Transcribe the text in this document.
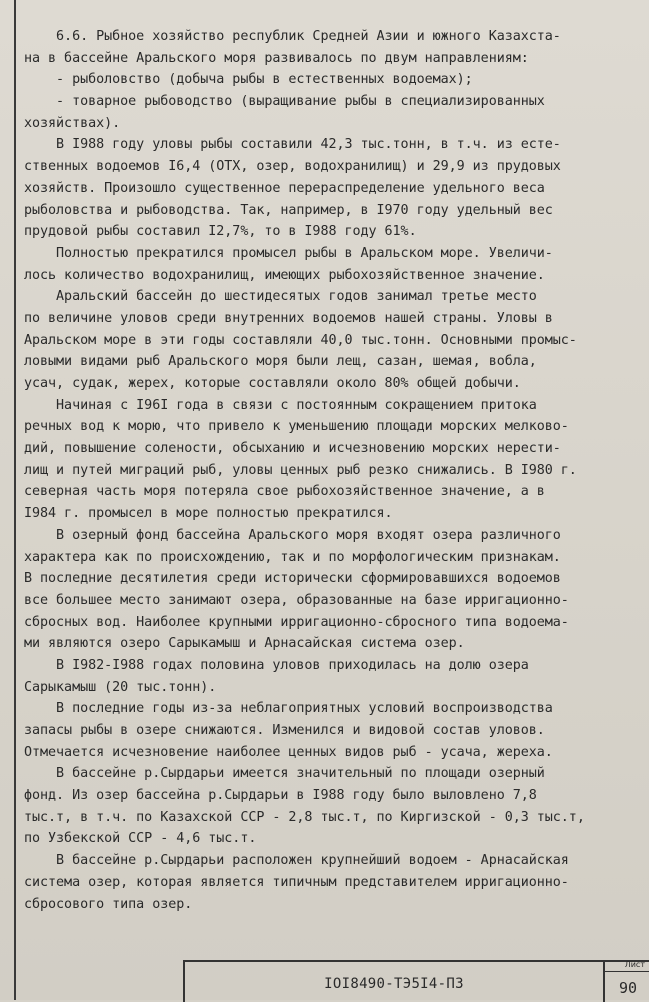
6.6. Рыбное хозяйство республик Средней Азии и южного Казахста-
на в бассейне Аральского моря развивалось по двум направлениям:
- рыболовство (добыча рыбы в естественных водоемах);
- товарное рыбоводство (выращивание рыбы в специализированных
хозяйствах).
В I988 году уловы рыбы составили 42,3 тыс.тонн, в т.ч. из есте-
ственных водоемов I6,4 (ОТХ, озер, водохранилищ) и 29,9 из прудовых
хозяйств. Произошло существенное перераспределение удельного веса
рыболовства и рыбоводства. Так, например, в I970 году удельный вес
прудовой рыбы составил I2,7%, то в I988 году 61%.
Полностью прекратился промысел рыбы в Аральском море. Увеличи-
лось количество водохранилищ, имеющих рыбохозяйственное значение.
Аральский бассейн до шестидесятых годов занимал третье место
по величине уловов среди внутренних водоемов нашей страны. Уловы в
Аральском море в эти годы составляли 40,0 тыс.тонн. Основными промыс-
ловыми видами рыб Аральского моря были лещ, сазан, шемая, вобла,
усач, судак, жерех, которые составляли около 80% общей добычи.
Начиная с I96I года в связи с постоянным сокращением притока
речных вод к морю, что привело к уменьшению площади морских мелково-
дий, повышение солености, обсыханию и исчезновению морских нерести-
лищ и путей миграций рыб, уловы ценных рыб резко снижались. В I980 г.
северная часть моря потеряла свое рыбохозяйственное значение, а в
I984 г. промысел в море полностью прекратился.
В озерный фонд бассейна Аральского моря входят озера различного
характера как по происхождению, так и по морфологическим признакам.
В последние десятилетия среди исторически сформировавшихся водоемов
все большее место занимают озера, образованные на базе ирригационно-
сбросных вод. Наиболее крупными ирригационно-сбросного типа водоема-
ми являются озеро Сарыкамыш и Арнасайская система озер.
В I982-I988 годах половина уловов приходилась на долю озера
Сарыкамыш (20 тыс.тонн).
В последние годы из-за неблагоприятных условий воспроизводства
запасы рыбы в озере снижаются. Изменился и видовой состав уловов.
Отмечается исчезновение наиболее ценных видов рыб - усача, жереха.
В бассейне р.Сырдарьи имеется значительный по площади озерный
фонд. Из озер бассейна р.Сырдарьи в I988 году было выловлено 7,8
тыс.т, в т.ч. по Казахской ССР - 2,8 тыс.т, по Киргизской - 0,3 тыс.т,
по Узбекской ССР - 4,6 тыс.т.
В бассейне р.Сырдарьи расположен крупнейший водоем - Арнасайская
система озер, которая является типичным представителем ирригационно-
сбросового типа озер.
IOI8490-ТЭ5I4-ПЗ
Лист
90
